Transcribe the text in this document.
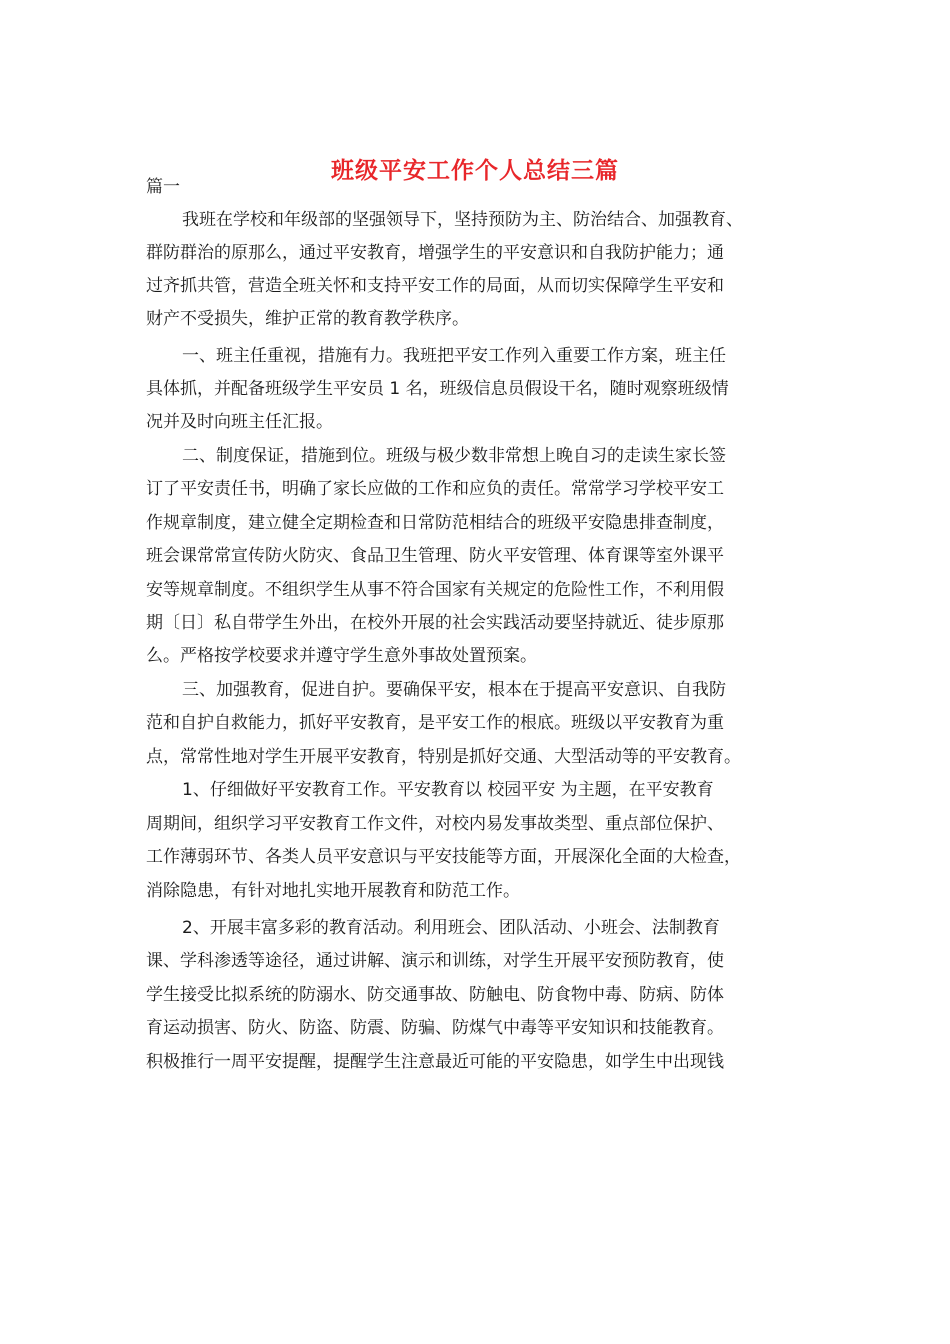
班级平安工作个人总结三篇
篇一
我班在学校和年级部的坚强领导下，坚持预防为主、防治结合、加强教育、
群防群治的原那么，通过平安教育，增强学生的平安意识和自我防护能力；通
过齐抓共管，营造全班关怀和支持平安工作的局面，从而切实保障学生平安和
财产不受损失，维护正常的教育教学秩序。
一、班主任重视，措施有力。我班把平安工作列入重要工作方案，班主任
具体抓，并配备班级学生平安员 1 名，班级信息员假设干名，随时观察班级情
况并及时向班主任汇报。
二、制度保证，措施到位。班级与极少数非常想上晚自习的走读生家长签
订了平安责任书，明确了家长应做的工作和应负的责任。常常学习学校平安工
作规章制度，建立健全定期检查和日常防范相结合的班级平安隐患排查制度，
班会课常常宣传防火防灾、食品卫生管理、防火平安管理、体育课等室外课平
安等规章制度。不组织学生从事不符合国家有关规定的危险性工作，不利用假
期〔日〕私自带学生外出，在校外开展的社会实践活动要坚持就近、徒步原那
么。严格按学校要求并遵守学生意外事故处置预案。
三、加强教育，促进自护。要确保平安，根本在于提高平安意识、自我防
范和自护自救能力，抓好平安教育，是平安工作的根底。班级以平安教育为重
点，常常性地对学生开展平安教育，特别是抓好交通、大型活动等的平安教育。
1、仔细做好平安教育工作。平安教育以 校园平安 为主题，在平安教育
周期间，组织学习平安教育工作文件，对校内易发事故类型、重点部位保护、
工作薄弱环节、各类人员平安意识与平安技能等方面，开展深化全面的大检查，
消除隐患，有针对地扎实地开展教育和防范工作。
2、开展丰富多彩的教育活动。利用班会、团队活动、小班会、法制教育
课、学科渗透等途径，通过讲解、演示和训练，对学生开展平安预防教育，使
学生接受比拟系统的防溺水、防交通事故、防触电、防食物中毒、防病、防体
育运动损害、防火、防盗、防震、防骗、防煤气中毒等平安知识和技能教育。
积极推行一周平安提醒，提醒学生注意最近可能的平安隐患，如学生中出现钱
